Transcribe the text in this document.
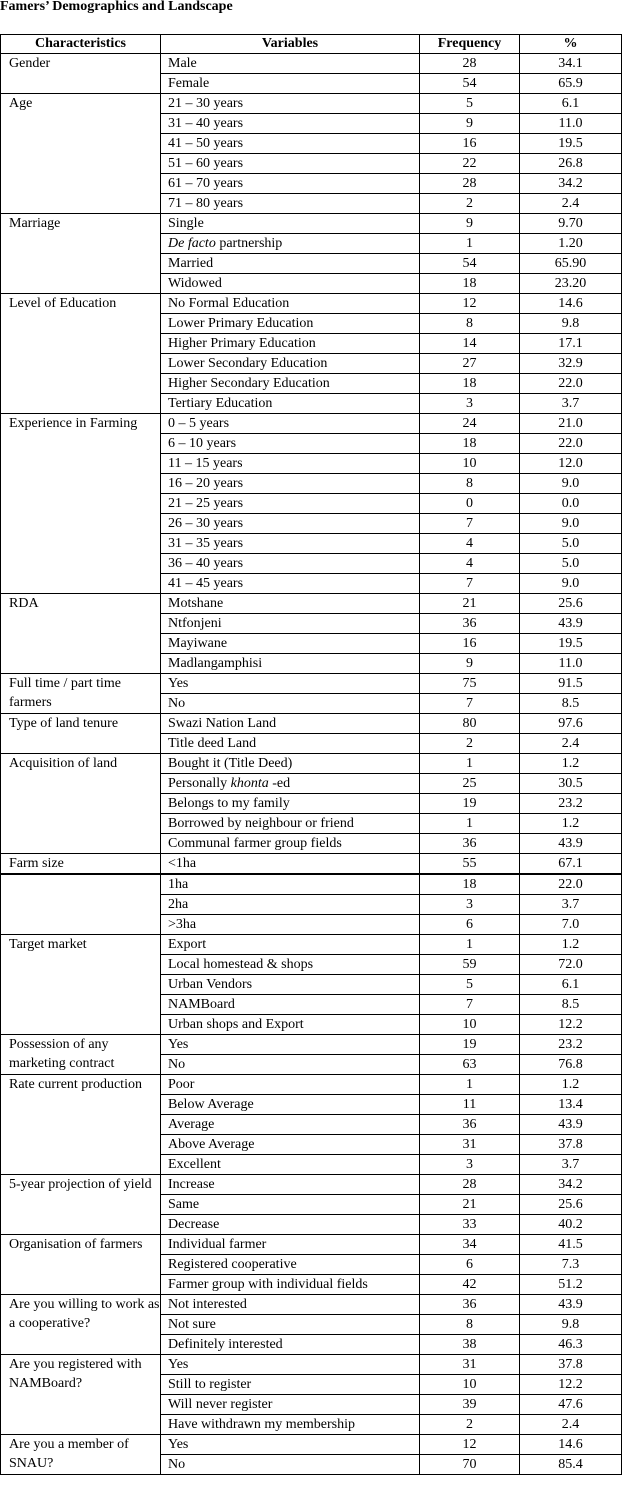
Famers’ Demographics and Landscape
Characteristics	Variables	Frequency	%
Gender	Male	28	34.1
	Female	54	65.9
Age	21 – 30 years	5	6.1
	31 – 40 years	9	11.0
	41 – 50 years	16	19.5
	51 – 60 years	22	26.8
	61 – 70 years	28	34.2
	71 – 80 years	2	2.4
Marriage	Single	9	9.70
	De facto partnership	1	1.20
	Married	54	65.90
	Widowed	18	23.20
Level of Education	No Formal Education	12	14.6
	Lower Primary Education	8	9.8
	Higher Primary Education	14	17.1
	Lower Secondary Education	27	32.9
	Higher Secondary Education	18	22.0
	Tertiary Education	3	3.7
Experience in Farming	0 – 5 years	24	21.0
	6 – 10 years	18	22.0
	11 – 15 years	10	12.0
	16 – 20 years	8	9.0
	21 – 25 years	0	0.0
	26 – 30 years	7	9.0
	31 – 35 years	4	5.0
	36 – 40 years	4	5.0
	41 – 45 years	7	9.0
RDA	Motshane	21	25.6
	Ntfonjeni	36	43.9
	Mayiwane	16	19.5
	Madlangamphisi	9	11.0
Full time / part time farmers	Yes	75	91.5
	No	7	8.5
Type of land tenure	Swazi Nation Land	80	97.6
	Title deed Land	2	2.4
Acquisition of land	Bought it (Title Deed)	1	1.2
	Personally khonta -ed	25	30.5
	Belongs to my family	19	23.2
	Borrowed by neighbour or friend	1	1.2
	Communal farmer group fields	36	43.9
Farm size	<1ha	55	67.1
	1ha	18	22.0
	2ha	3	3.7
	>3ha	6	7.0
Target market	Export	1	1.2
	Local homestead & shops	59	72.0
	Urban Vendors	5	6.1
	NAMBoard	7	8.5
	Urban shops and Export	10	12.2
Possession of any marketing contract	Yes	19	23.2
	No	63	76.8
Rate current production	Poor	1	1.2
	Below Average	11	13.4
	Average	36	43.9
	Above Average	31	37.8
	Excellent	3	3.7
5-year projection of yield	Increase	28	34.2
	Same	21	25.6
	Decrease	33	40.2
Organisation of farmers	Individual farmer	34	41.5
	Registered cooperative	6	7.3
	Farmer group with individual fields	42	51.2
Are you willing to work as a cooperative?	Not interested	36	43.9
	Not sure	8	9.8
	Definitely interested	38	46.3
Are you registered with NAMBoard?	Yes	31	37.8
	Still to register	10	12.2
	Will never register	39	47.6
	Have withdrawn my membership	2	2.4
Are you a member of SNAU?	Yes	12	14.6
	No	70	85.4
